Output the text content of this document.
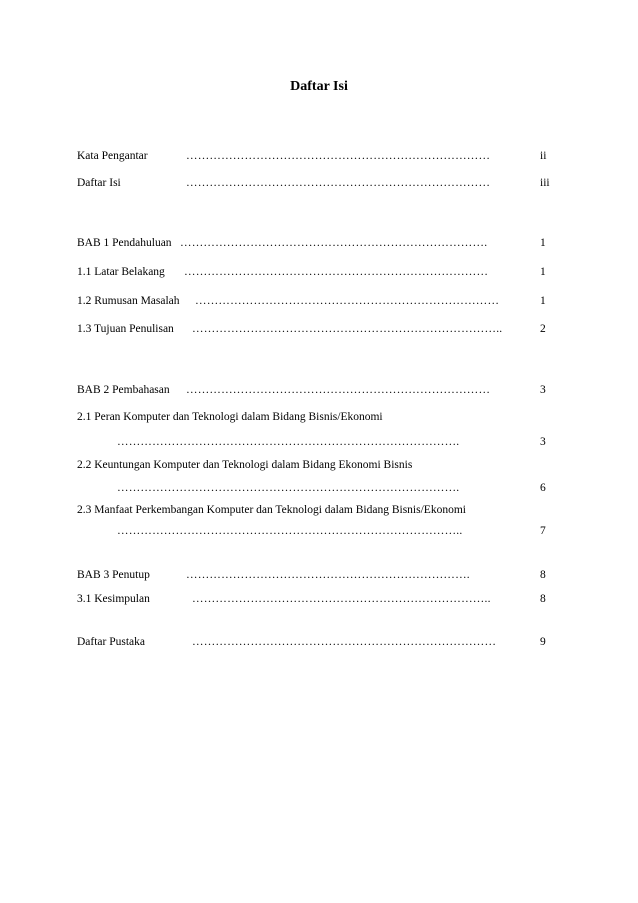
Daftar Isi
Kata Pengantar	……………………………………………………………………	ii
Daftar Isi	……………………………………………………………………	iii
BAB 1 Pendahuluan …………………………………………………………………….	1
1.1 Latar Belakang ……………………………………………………………………	1
1.2 Rumusan Masalah ……………………………………………………………………	1
1.3 Tujuan Penulisan ……………………………………………………………………..	2
BAB 2 Pembahasan ……………………………………………………………………	3
2.1 Peran Komputer dan Teknologi dalam Bidang Bisnis/Ekonomi
…………………………………………………………………………….	3
2.2 Keuntungan Komputer dan Teknologi dalam Bidang Ekonomi Bisnis
…………………………………………………………………………….	6
2.3 Manfaat Perkembangan Komputer dan Teknologi dalam Bidang Bisnis/Ekonomi
……………………………………………………………………………..	7
BAB 3 Penutup	……………………………………………………………….	8
3.1 Kesimpulan	…………………………………………………………………..	8
Daftar Pustaka	……………………………………………………………………	9
